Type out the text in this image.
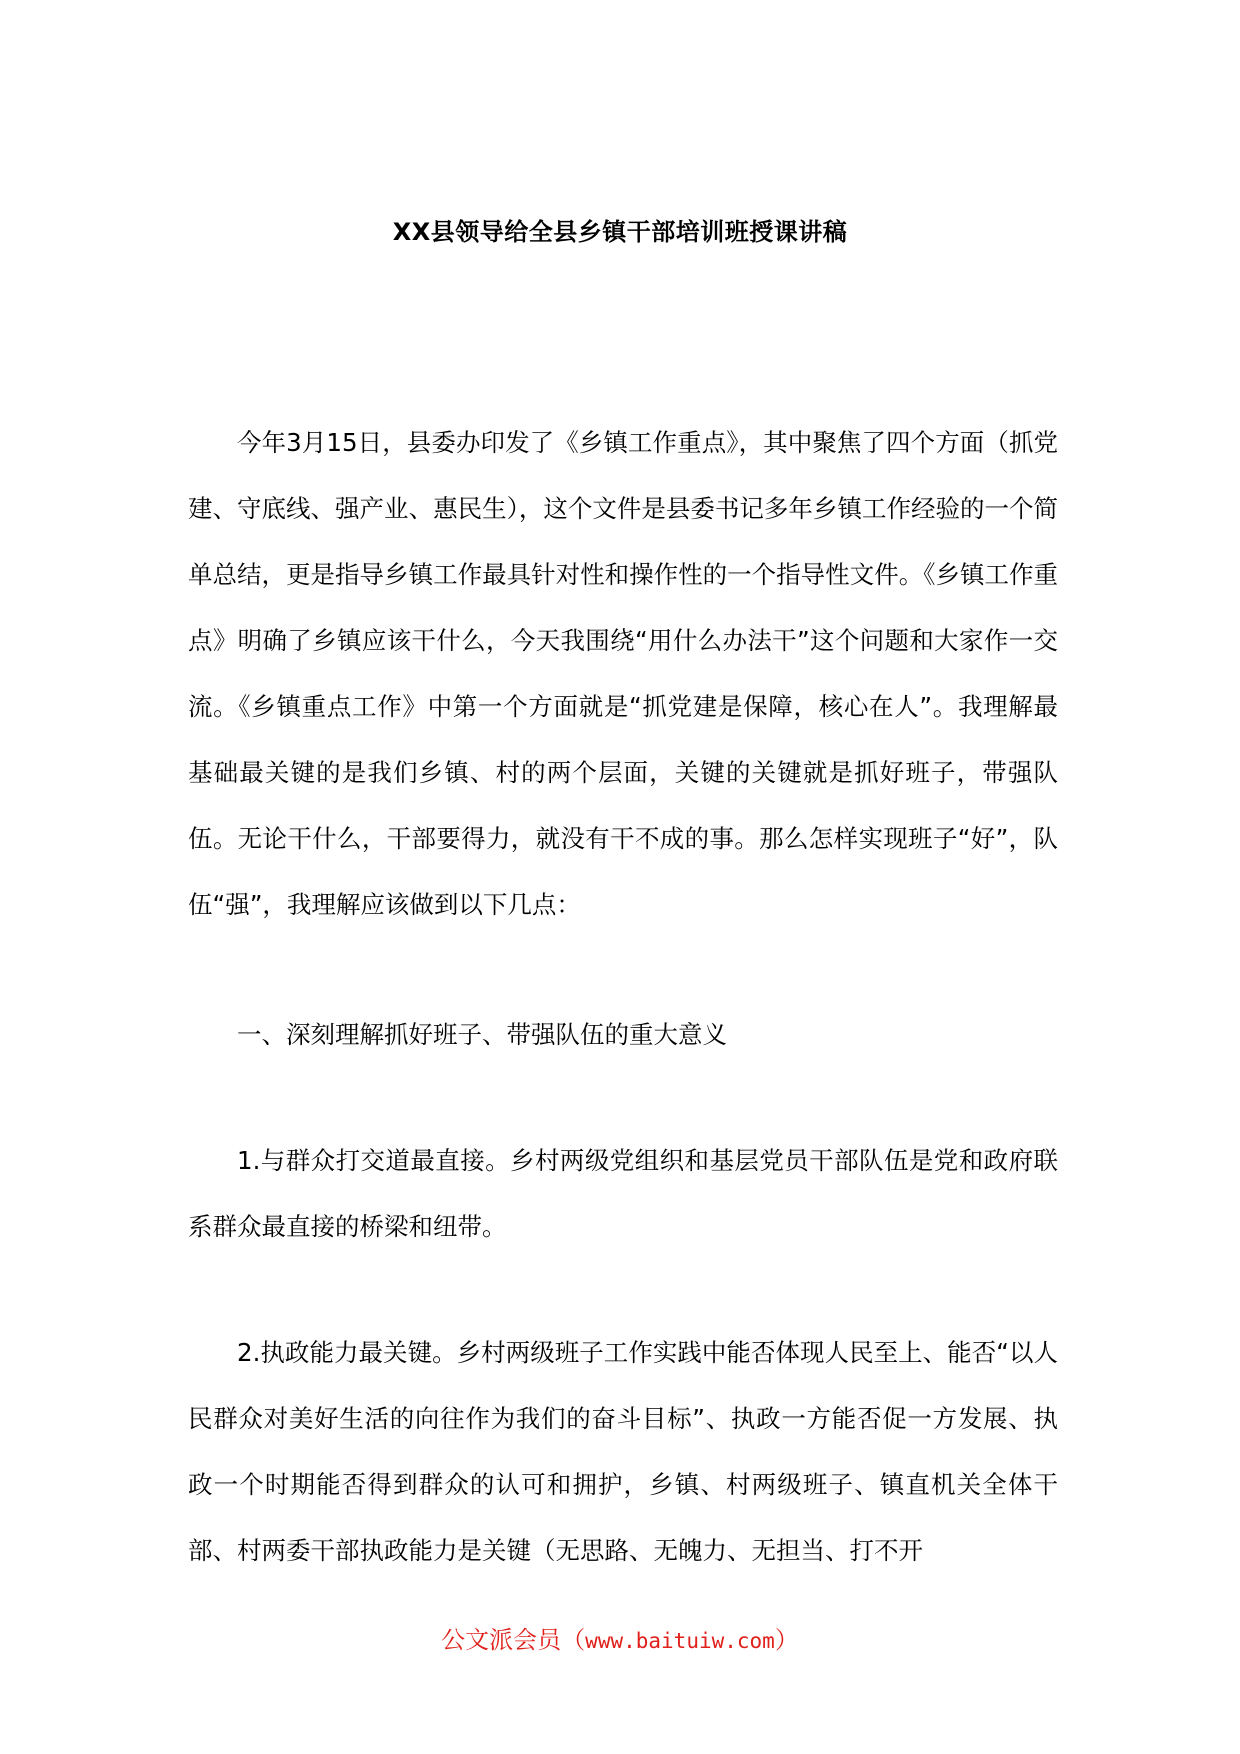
XX县领导给全县乡镇干部培训班授课讲稿

今年3月15日，县委办印发了《乡镇工作重点》，其中聚焦了四个方面（抓党建、守底线、强产业、惠民生），这个文件是县委书记多年乡镇工作经验的一个简单总结，更是指导乡镇工作最具针对性和操作性的一个指导性文件。《乡镇工作重点》明确了乡镇应该干什么，今天我围绕“用什么办法干”这个问题和大家作一交流。《乡镇重点工作》中第一个方面就是“抓党建是保障，核心在人”。我理解最基础最关键的是我们乡镇、村的两个层面，关键的关键就是抓好班子，带强队伍。无论干什么，干部要得力，就没有干不成的事。那么怎样实现班子“好”，队伍“强”，我理解应该做到以下几点：

一、深刻理解抓好班子、带强队伍的重大意义

1.与群众打交道最直接。乡村两级党组织和基层党员干部队伍是党和政府联系群众最直接的桥梁和纽带。

2.执政能力最关键。乡村两级班子工作实践中能否体现人民至上、能否“以人民群众对美好生活的向往作为我们的奋斗目标”、执政一方能否促一方发展、执政一个时期能否得到群众的认可和拥护，乡镇、村两级班子、镇直机关全体干部、村两委干部执政能力是关键（无思路、无魄力、无担当、打不开

公文派会员（www.baituiw.com）
